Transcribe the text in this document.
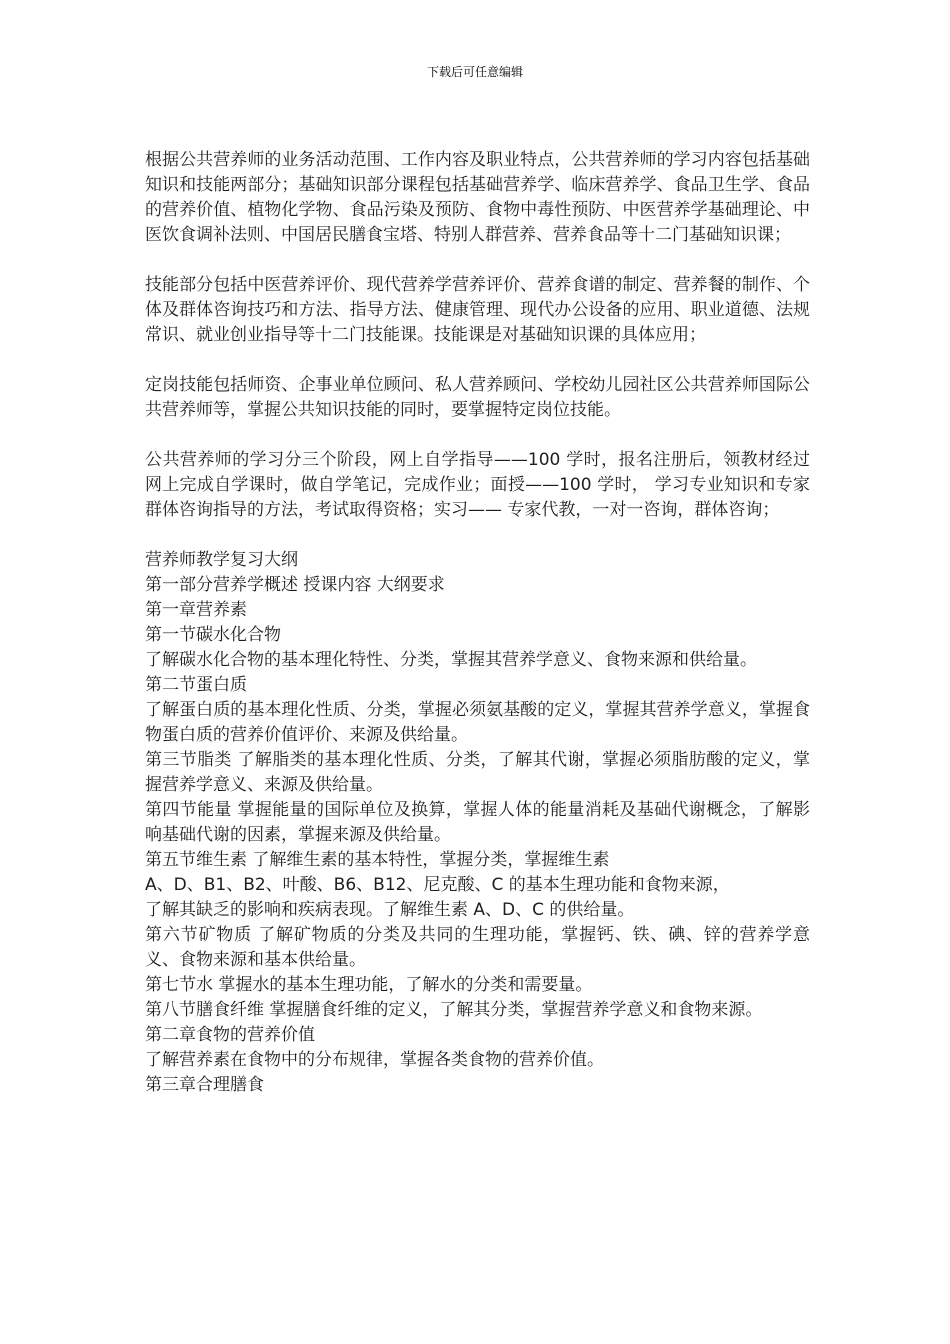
下载后可任意编辑

根据公共营养师的业务活动范围、工作内容及职业特点，公共营养师的学习内容包括基础知识和技能两部分；基础知识部分课程包括基础营养学、临床营养学、食品卫生学、食品的营养价值、植物化学物、食品污染及预防、食物中毒性预防、中医营养学基础理论、中医饮食调补法则、中国居民膳食宝塔、特别人群营养、营养食品等十二门基础知识课；

技能部分包括中医营养评价、现代营养学营养评价、营养食谱的制定、营养餐的制作、个体及群体咨询技巧和方法、指导方法、健康管理、现代办公设备的应用、职业道德、法规常识、就业创业指导等十二门技能课。技能课是对基础知识课的具体应用；

定岗技能包括师资、企事业单位顾问、私人营养顾问、学校幼儿园社区公共营养师国际公共营养师等，掌握公共知识技能的同时，要掌握特定岗位技能。

公共营养师的学习分三个阶段，网上自学指导——100 学时，报名注册后，领教材经过网上完成自学课时，做自学笔记，完成作业；面授——100 学时， 学习专业知识和专家群体咨询指导的方法，考试取得资格；实习—— 专家代教，一对一咨询，群体咨询；

营养师教学复习大纲

第一部分营养学概述 授课内容 大纲要求

第一章营养素

第一节碳水化合物

了解碳水化合物的基本理化特性、分类，掌握其营养学意义、食物来源和供给量。

第二节蛋白质

了解蛋白质的基本理化性质、分类，掌握必须氨基酸的定义，掌握其营养学意义，掌握食物蛋白质的营养价值评价、来源及供给量。

第三节脂类 了解脂类的基本理化性质、分类，了解其代谢，掌握必须脂肪酸的定义，掌握营养学意义、来源及供给量。

第四节能量 掌握能量的国际单位及换算，掌握人体的能量消耗及基础代谢概念，了解影响基础代谢的因素，掌握来源及供给量。

第五节维生素 了解维生素的基本特性，掌握分类，掌握维生素

A、D、B1、B2、叶酸、B6、B12、尼克酸、C 的基本生理功能和食物来源，

了解其缺乏的影响和疾病表现。了解维生素 A、D、C 的供给量。

第六节矿物质 了解矿物质的分类及共同的生理功能，掌握钙、铁、碘、锌的营养学意义、食物来源和基本供给量。

第七节水 掌握水的基本生理功能，了解水的分类和需要量。

第八节膳食纤维 掌握膳食纤维的定义，了解其分类，掌握营养学意义和食物来源。

第二章食物的营养价值

了解营养素在食物中的分布规律，掌握各类食物的营养价值。

第三章合理膳食
